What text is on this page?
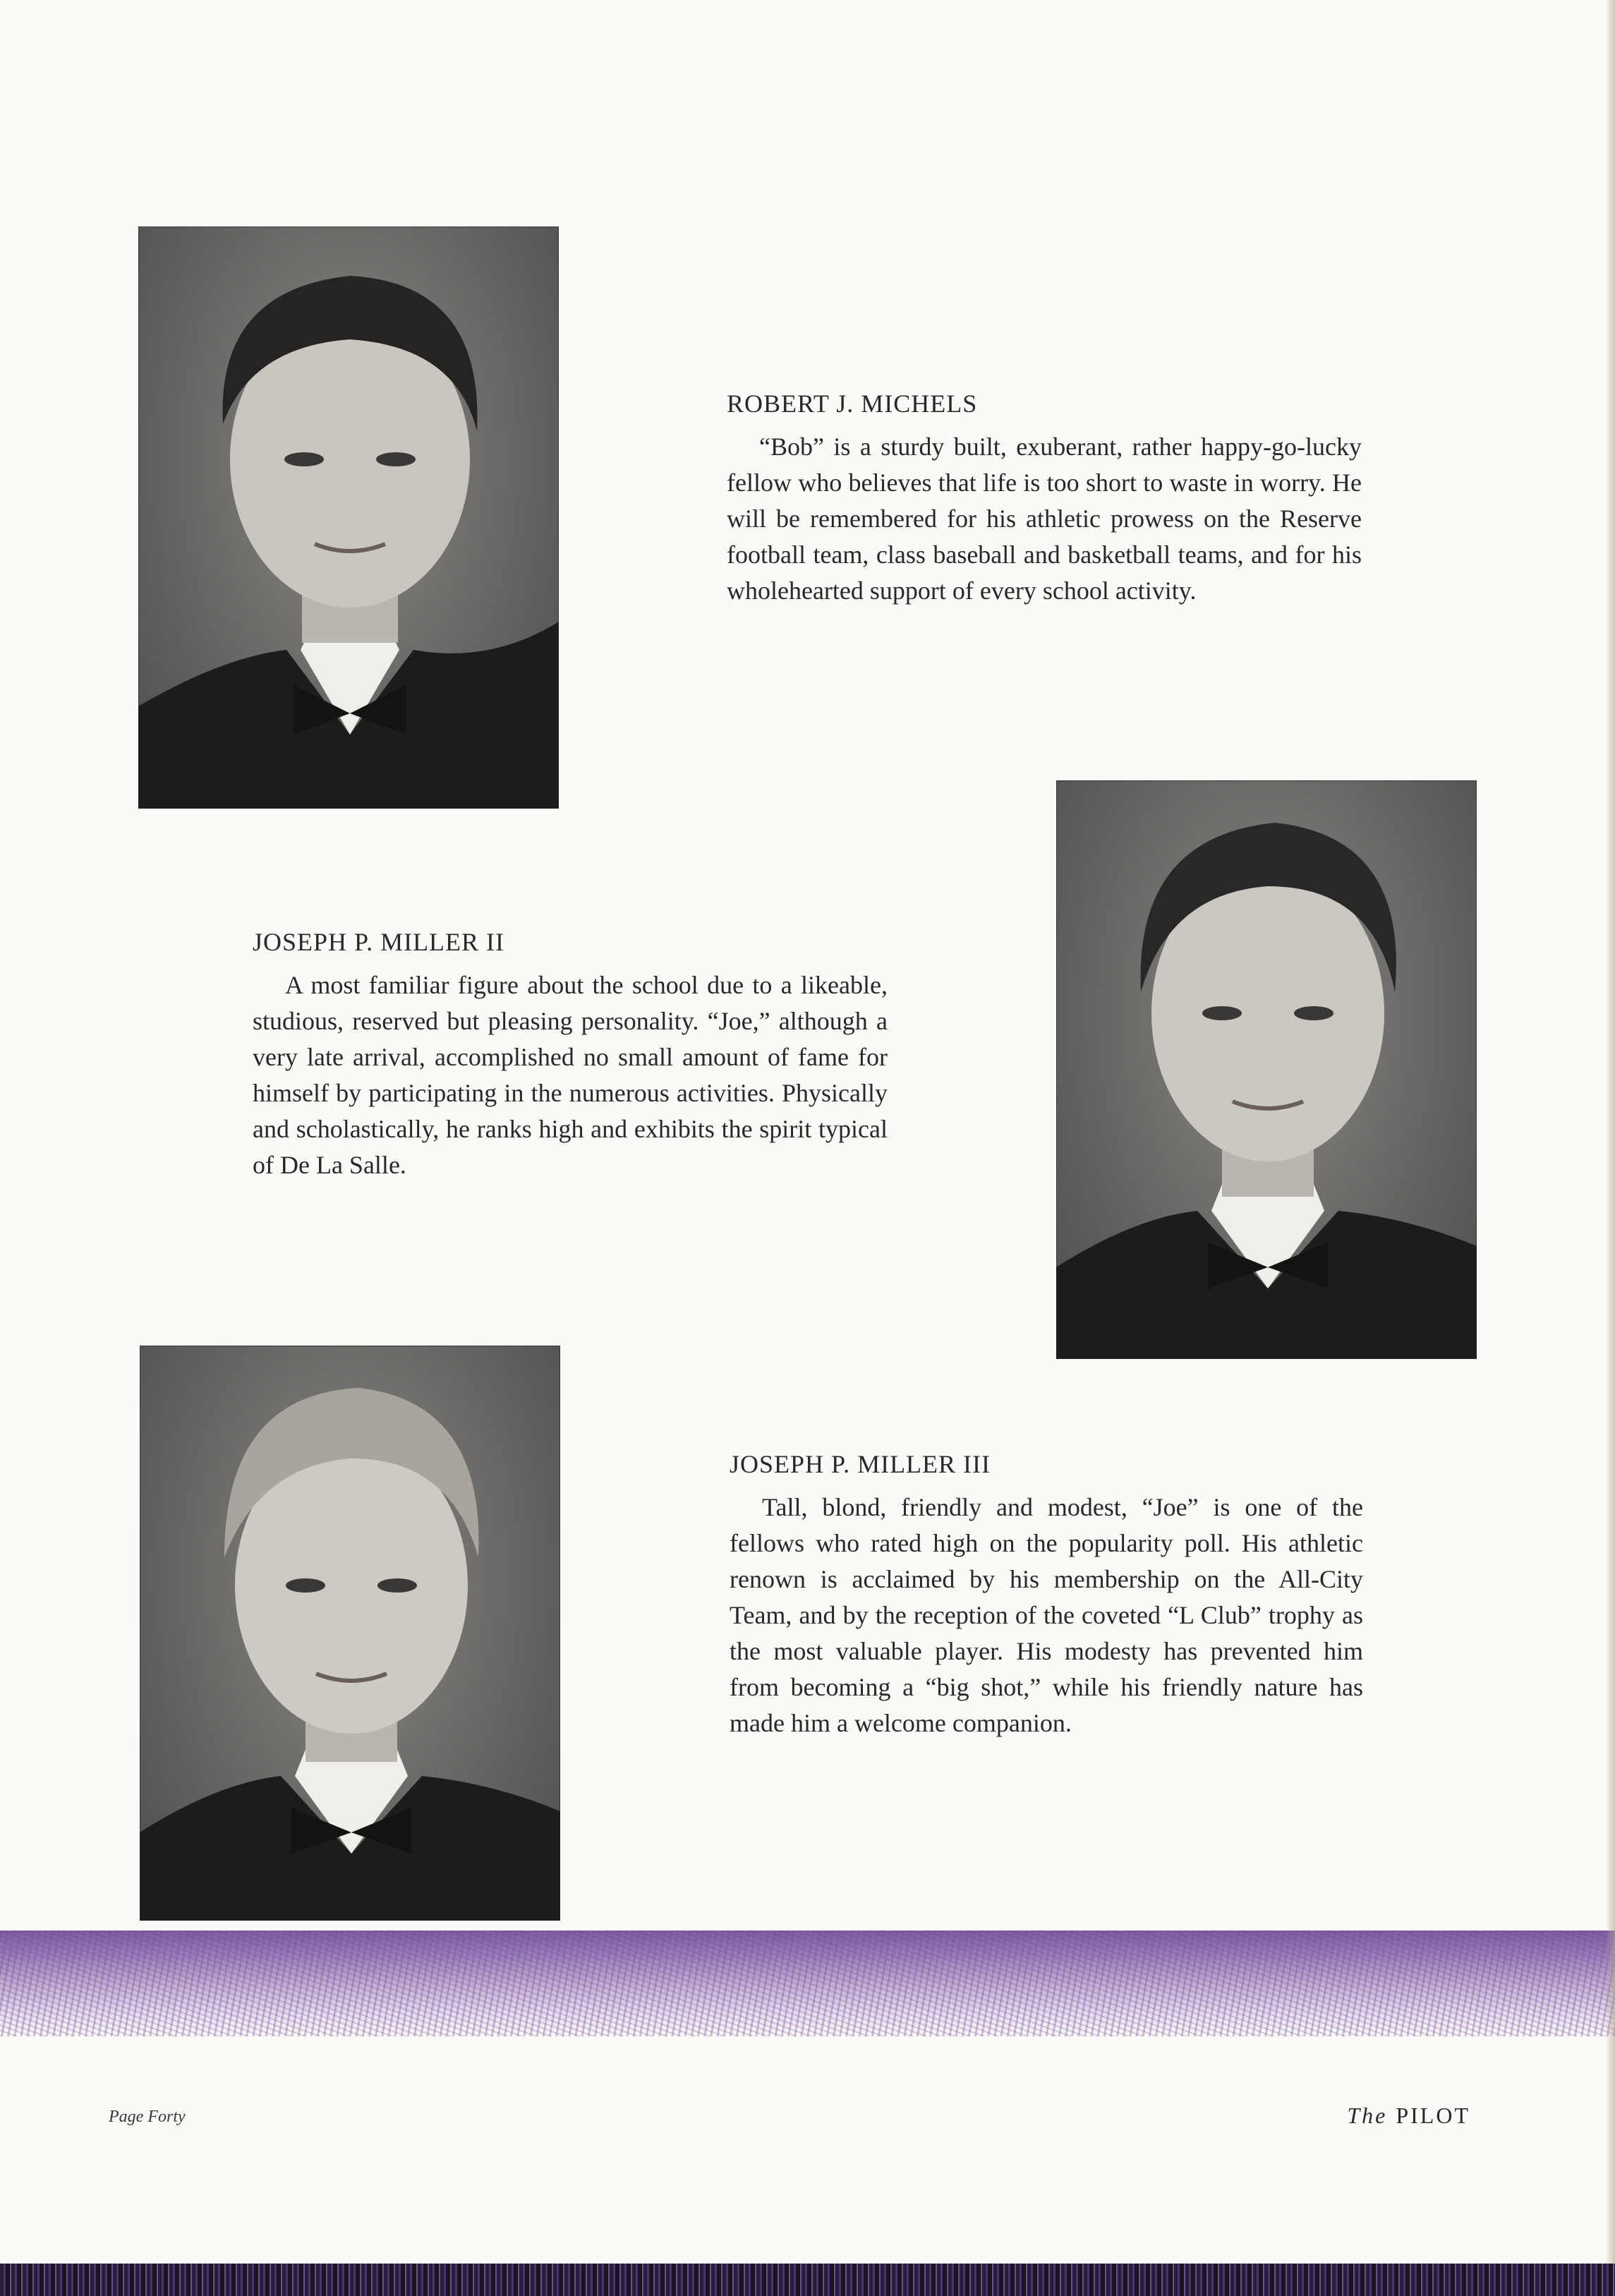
ROBERT J. MICHELS
“Bob” is a sturdy built, exuberant, rather happy-go-lucky fellow who believes that life is too short to waste in worry. He will be remembered for his athletic prowess on the Reserve football team, class baseball and basketball teams, and for his wholehearted support of every school activity.
JOSEPH P. MILLER II
A most familiar figure about the school due to a likeable, studious, reserved but pleasing personality. “Joe,” although a very late arrival, accomplished no small amount of fame for himself by participating in the numerous activities. Physically and scholastically, he ranks high and exhibits the spirit typical of De La Salle.
JOSEPH P. MILLER III
Tall, blond, friendly and modest, “Joe” is one of the fellows who rated high on the popularity poll. His athletic renown is acclaimed by his membership on the All-City Team, and by the reception of the coveted “L Club” trophy as the most valuable player. His modesty has prevented him from becoming a “big shot,” while his friendly nature has made him a welcome companion.
Page Forty	The PILOT
